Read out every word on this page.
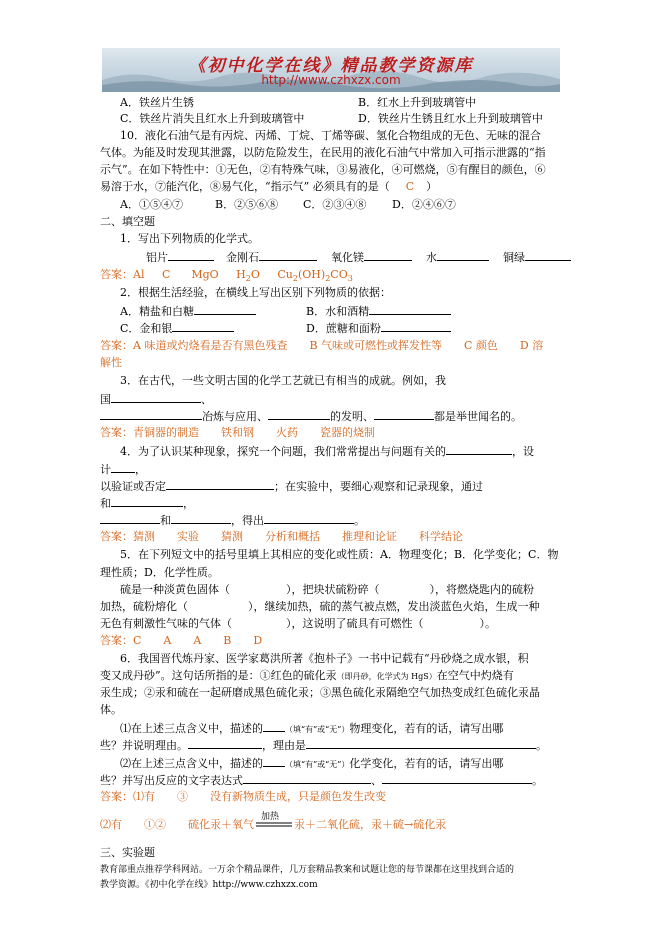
《初中化学在线》精品教学资源库
http://www.czhxzx.com
A．铁丝片生锈	B．红水上升到玻璃管中
C．铁丝片消失且红水上升到玻璃管中	D．铁丝片生锈且红水上升到玻璃管中
10．液化石油气是有丙烷、丙烯、丁烷、丁烯等碳、氢化合物组成的无色、无味的混合
气体。为能及时发现其泄露，以防危险发生，在民用的液化石油气中常加入可指示泄露的“指
示气”。在如下特性中：①无色，②有特殊气味，③易液化，④可燃烧，⑤有醒目的颜色，⑥
易溶于水，⑦能汽化，⑧易气化，“指示气” 必须具有的是（ C ）
A．①⑤④⑦	B．②⑤⑥⑧ C．②③④⑧ D．②④⑥⑦
二、填空题
1．写出下列物质的化学式。
铝片	金刚石	氧化镁	水	铜绿
答案：Al C MgO $H_2O$ $Cu_2(OH)_2CO_3$
2．根据生活经验，在横线上写出区别下列物质的依据：
A．精盐和白糖	B．水和酒精
C．金和银	D．蔗糖和面粉
答案：A 味道或灼烧看是否有黑色残查　　B 气味或可燃性或挥发性等　　C 颜色　　D 溶
解性
3．在古代，一些文明古国的化学工艺就已有相当的成就。例如，我
国	、
冶炼与应用、	的发明、	都是举世闻名的。
答案：青铜器的制造　　铁和钢　　火药　　瓷器的烧制
4．为了认识某种现象，探究一个问题，我们常常提出与问题有关的	，设
计 ，
以验证或否定	；在实验中，要细心观察和记录现象，通过
和	，
和	，得出	。
答案：猜测　　实验　　猜测　　分析和概括　　推理和论证　　科学结论
5．在下列短文中的括号里填上其相应的变化或性质：A．物理变化；B．化学变化；C．物
理性质；D．化学性质。
硫是一种淡黄色固体（	），把块状硫粉碎（	），将燃烧匙内的硫粉
加热，硫粉熔化（	），继续加热，硫的蒸气被点燃，发出淡蓝色火焰，生成一种
无色有刺激性气味的气体（	），这说明了硫具有可燃性（	）。
答案：C　　A　　A　　B　　D
6．我国晋代炼丹家、医学家葛洪所著《抱朴子》一书中记载有“丹砂烧之成水银，积
变又成丹砂”。这句话所指的是：①红色的硫化汞（即丹砂，化学式为 HgS）在空气中灼烧有
汞生成；②汞和硫在一起研磨成黑色硫化汞；③黑色硫化汞隔绝空气加热变成红色硫化汞晶
体。
⑴在上述三点含义中，描述的	（填“有”或“无”）物理变化，若有的话，请写出哪
些？并说明理由。	，理由是	。
⑵在上述三点含义中，描述的	（填“有”或“无”）化学变化，若有的话，请写出哪
些？并写出反应的文字表达式	、	。
答案：⑴有　　③　　没有新物质生成，只是颜色发生改变
⑵有　　①②　　硫化汞＋氧气
加热
汞＋二氧化硫，汞＋硫→硫化汞
三、实验题
教育部重点推荐学科网站。一万余个精品课件，几万套精品教案和试题让您的每节课都在这里找到合适的
教学资源。《初中化学在线》http://www.czhxzx.com
